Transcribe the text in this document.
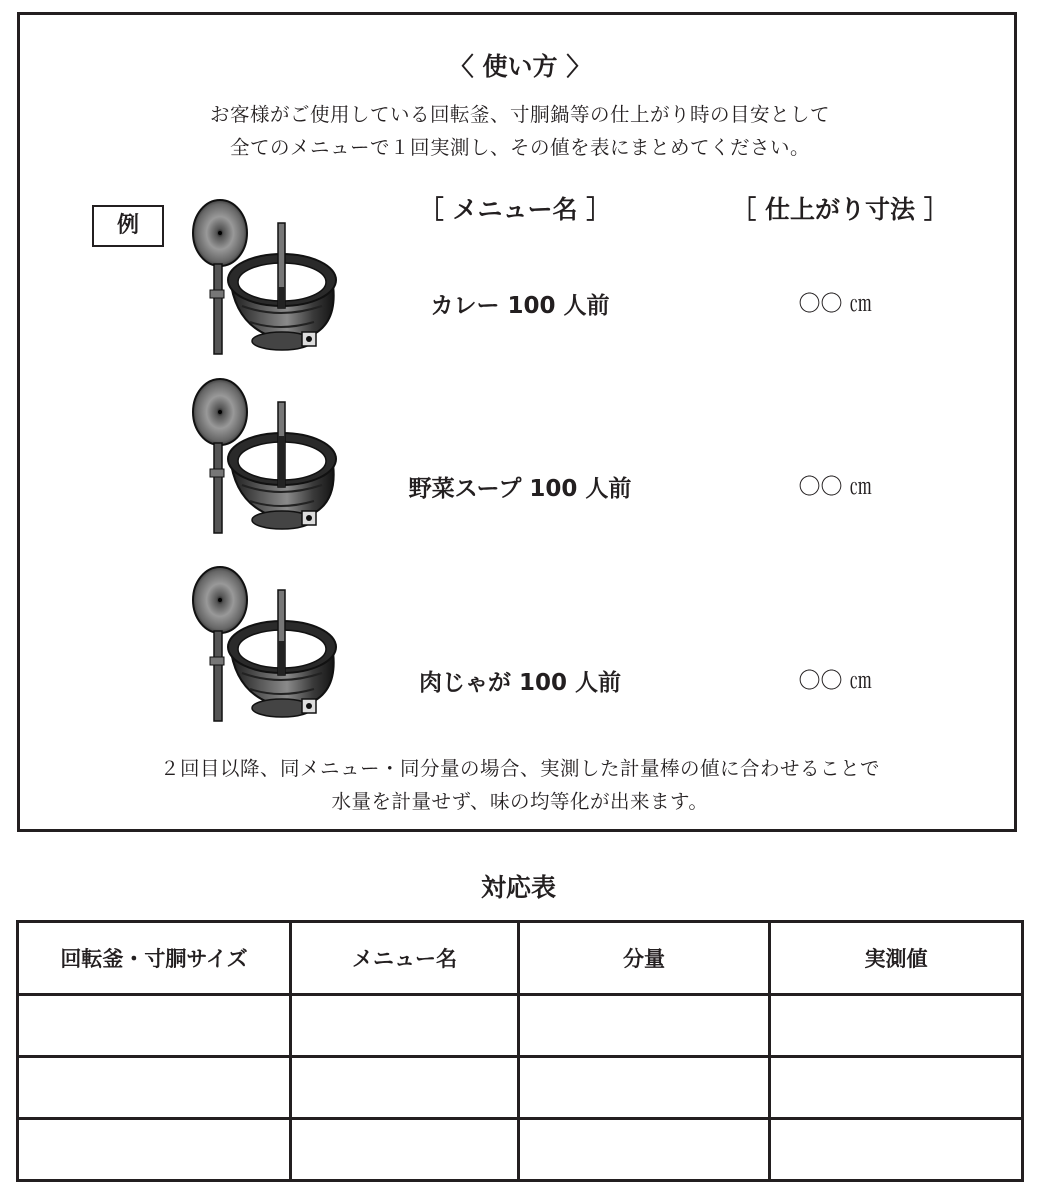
〈 使い方 〉
お客様がご使用している回転釜、寸胴鍋等の仕上がり時の目安として
全てのメニューで１回実測し、その値を表にまとめてください。
例
［ メニュー名 ］	［ 仕上がり寸法 ］
カレー 100 人前	〇〇 ㎝
野菜スープ 100 人前	〇〇 ㎝
肉じゃが 100 人前	〇〇 ㎝
２回目以降、同メニュー・同分量の場合、実測した計量棒の値に合わせることで
水量を計量せず、味の均等化が出来ます。
対応表
回転釜・寸胴サイズ	メニュー名	分量	実測値
